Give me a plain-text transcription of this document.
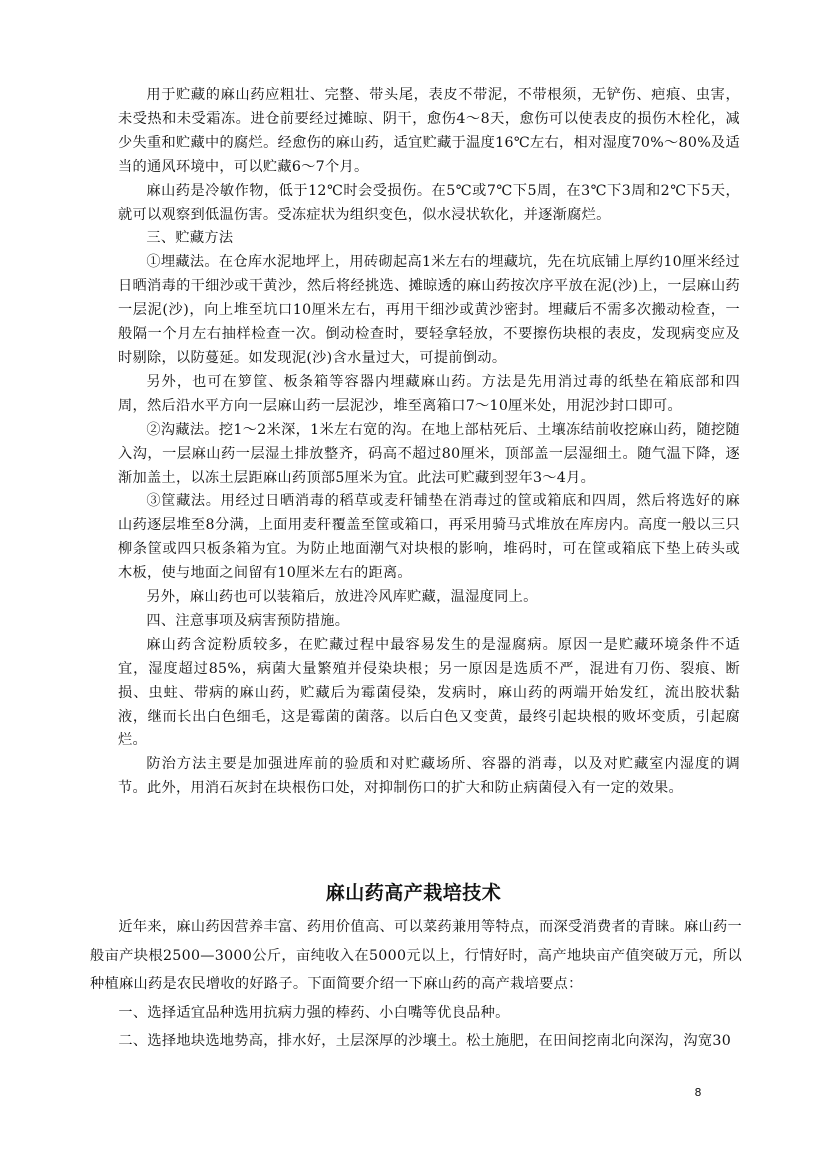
用于贮藏的麻山药应粗壮、完整、带头尾，表皮不带泥，不带根须，无铲伤、疤痕、虫害，未受热和未受霜冻。进仓前要经过摊晾、阴干，愈伤4～8天，愈伤可以使表皮的损伤木栓化，减少失重和贮藏中的腐烂。经愈伤的麻山药，适宜贮藏于温度16℃左右，相对湿度70%～80%及适当的通风环境中，可以贮藏6～7个月。

麻山药是冷敏作物，低于12℃时会受损伤。在5℃或7℃下5周，在3℃下3周和2℃下5天，就可以观察到低温伤害。受冻症状为组织变色，似水浸状软化，并逐渐腐烂。

三、贮藏方法

①埋藏法。在仓库水泥地坪上，用砖砌起高1米左右的埋藏坑，先在坑底铺上厚约10厘米经过日晒消毒的干细沙或干黄沙，然后将经挑选、摊晾透的麻山药按次序平放在泥(沙)上，一层麻山药一层泥(沙)，向上堆至坑口10厘米左右，再用干细沙或黄沙密封。埋藏后不需多次搬动检查，一般隔一个月左右抽样检查一次。倒动检查时，要轻拿轻放，不要擦伤块根的表皮，发现病变应及时剔除，以防蔓延。如发现泥(沙)含水量过大，可提前倒动。

另外，也可在箩筐、板条箱等容器内埋藏麻山药。方法是先用消过毒的纸垫在箱底部和四周，然后沿水平方向一层麻山药一层泥沙，堆至离箱口7～10厘米处，用泥沙封口即可。

②沟藏法。挖1～2米深，1米左右宽的沟。在地上部枯死后、土壤冻结前收挖麻山药，随挖随入沟，一层麻山药一层湿土排放整齐，码高不超过80厘米，顶部盖一层湿细土。随气温下降，逐渐加盖土，以冻土层距麻山药顶部5厘米为宜。此法可贮藏到翌年3～4月。

③筐藏法。用经过日晒消毒的稻草或麦秆铺垫在消毒过的筐或箱底和四周，然后将选好的麻山药逐层堆至8分满，上面用麦秆覆盖至筐或箱口，再采用骑马式堆放在库房内。高度一般以三只柳条筐或四只板条箱为宜。为防止地面潮气对块根的影响，堆码时，可在筐或箱底下垫上砖头或木板，使与地面之间留有10厘米左右的距离。

另外，麻山药也可以装箱后，放进冷风库贮藏，温湿度同上。

四、注意事项及病害预防措施。

麻山药含淀粉质较多，在贮藏过程中最容易发生的是湿腐病。原因一是贮藏环境条件不适宜，湿度超过85%，病菌大量繁殖并侵染块根；另一原因是选质不严，混进有刀伤、裂痕、断损、虫蛀、带病的麻山药，贮藏后为霉菌侵染，发病时，麻山药的两端开始发红，流出胶状黏液，继而长出白色细毛，这是霉菌的菌落。以后白色又变黄，最终引起块根的败坏变质，引起腐烂。

防治方法主要是加强进库前的验质和对贮藏场所、容器的消毒，以及对贮藏室内湿度的调节。此外，用消石灰封在块根伤口处，对抑制伤口的扩大和防止病菌侵入有一定的效果。

麻山药高产栽培技术

近年来，麻山药因营养丰富、药用价值高、可以菜药兼用等特点，而深受消费者的青睐。麻山药一般亩产块根2500—3000公斤，亩纯收入在5000元以上，行情好时，高产地块亩产值突破万元，所以种植麻山药是农民增收的好路子。下面简要介绍一下麻山药的高产栽培要点：

一、选择适宜品种选用抗病力强的棒药、小白嘴等优良品种。

二、选择地块选地势高，排水好，土层深厚的沙壤土。松土施肥，在田间挖南北向深沟，沟宽30

8
